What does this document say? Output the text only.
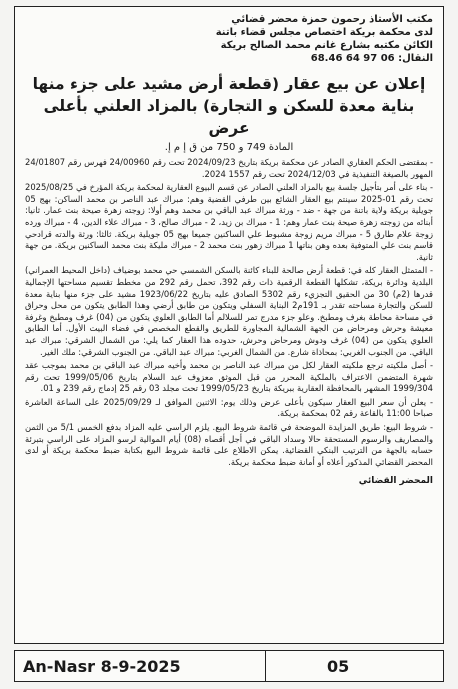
مكتب الأستاذ رحمون حمزة محضر قضائي
لدى محكمة بريكة اختصاص مجلس قضاء باتنة
الكائن مكتبه بشارع غانم محمد الصالح بريكة
النقال: 06 97 64 68.46
إعلان عن بيع عقار (قطعة أرض مشيد على جزء منها بناية معدة للسكن و التجارة) بالمزاد العلني بأعلى عرض
المادة 749 و 750 من ق إ م إ.

- بمقتضى الحكم العقاري الصادر عن محكمة بريكة بتاريخ 2024/09/23 تحت رقم 24/00960 فهرس رقم 24/01807 المهور بالصيغة التنفيذية في 2024/12/03 تحت رقم 1557 2024.

- بناء على أمر بتأجيل جلسة بيع بالمزاد العلني الصادر عن قسم البيوع العقارية لمحكمة بريكة المؤرخ في 2025/08/25 تحت رقم 01-2025 سينتم بيع العقار الشائع بين طرفي القضية وهم: مبراك عبد الناصر بن محمد الساكن: بهج 05 جويلية بريكة ولاية باتنة من جهة - ضد - ورثة مبراك عبد الباقي بن محمد وهم أولا: زوجته زهرة صيحة بنت عمار. ثانيا: أبنائه من زوجته زهرة صيحة بنت عمار وهم: 1 - مبراك بن زيد، 2 - مبراك صالح، 3 - مبراك علاء الدين، 4 - مبراك ورده زوجة علام طارق 5 - مبراك مريم زوجة مشبوط علي الساكنين جميعا بهج 05 جويلية بريكة. ثالثا: ورثة والدته قرادحي قاسم بنت علي المتوفية بعده وهن بناتها 1 مبراك زهور بنت محمد 2 - مبراك مليكة بنت محمد الساكنين بريكة. من جهة ثانية.

- المتمثل العقار كله في: قطعة أرض صالحة للبناء كائنة بالسكن الشمسي حي محمد بوضياف (داخل المحيط العمراني) البلدية ودائرة بريكة، تشكلها القطعة الرقمية ذات رقم 392، تحمل رقم 292 من مخطط تقسيم مساحتها الإجمالية قدرها (2م) 30 من الحقيق التجزيء رقم 5302 الصادق عليه بتاريخ 1923/06/22 مشيد على جزء منها بناية معدة للسكن والتجارة مساحته تقدر بـ 191م2 البناية السفلي ويتكون من طابق أرضي وهذا الطابق يتكون من محل وحراق في مساحة محاطة بغرف ومطبخ. وعلو جزء مدرج تمر للسلالم أما الطابق العلوي يتكون من (04) غرف ومطبخ وغرفة معيشة وحرش ومرحاض من الجهة الشمالية المجاورة للطريق والقطع المخصص في فضاء البيت الأول. أما الطابق العلوي يتكون من (04) غرف ودوش ومرحاض وحرش، حدوده هذا العقار كما يلي: من الشمال الشرقي: مبراك عبد الباقي. من الجنوب الغربي: بمحاذاة شارع. من الشمال الغربي: مبراك عبد الباقي. من الجنوب الشرقي: ملك الغير.

- أصل ملكيته ترجع ملكيته العقار لكل من مبراك عبد الناصر بن محمد وأخيه مبراك عبد الباقي بن محمد بموجب عقد شهرة المتضمن الاعتراف بالملكية المحرر من قبل الموثق معزوف عبد السلام بتاريخ 1999/05/06 تحت رقم 1999/304 المشهر بالمحافظة العقارية ببريكة بتاريخ 1999/05/23 تحت مجلد 03 رقم 25 إدماج رقم 239 و 01.

- يعلن أن سعر البيع العقار سيكون بأعلى عرض وذلك يوم: الاثنين الموافق لـ 2025/09/29 على الساعة العاشرة صباحا 11:00 بالقاعة رقم 02 بمحكمة بريكة.

- شروط البيع: طريق المزايدة الموضحة في قائمة شروط البيع. يلزم الراسي عليه المزاد بدفع الخمس 5/1 من الثمن والمصاريف والرسوم المستحقة حالا وسداد الباقي في أجل أقصاه (08) أيام الموالية لرسو المزاد على الراسي بتبرئة حسابه بالجهة من الترتيب البنكي القضائية. يمكن الاطلاع على قائمة شروط البيع بكتابة ضبط محكمة بريكة أو لدى المحضر القضائي المذكور أعلاه أو أمانة ضبط محكمة بريكة.

المحضر القضائي
An-Nasr 8-9-2025	05
